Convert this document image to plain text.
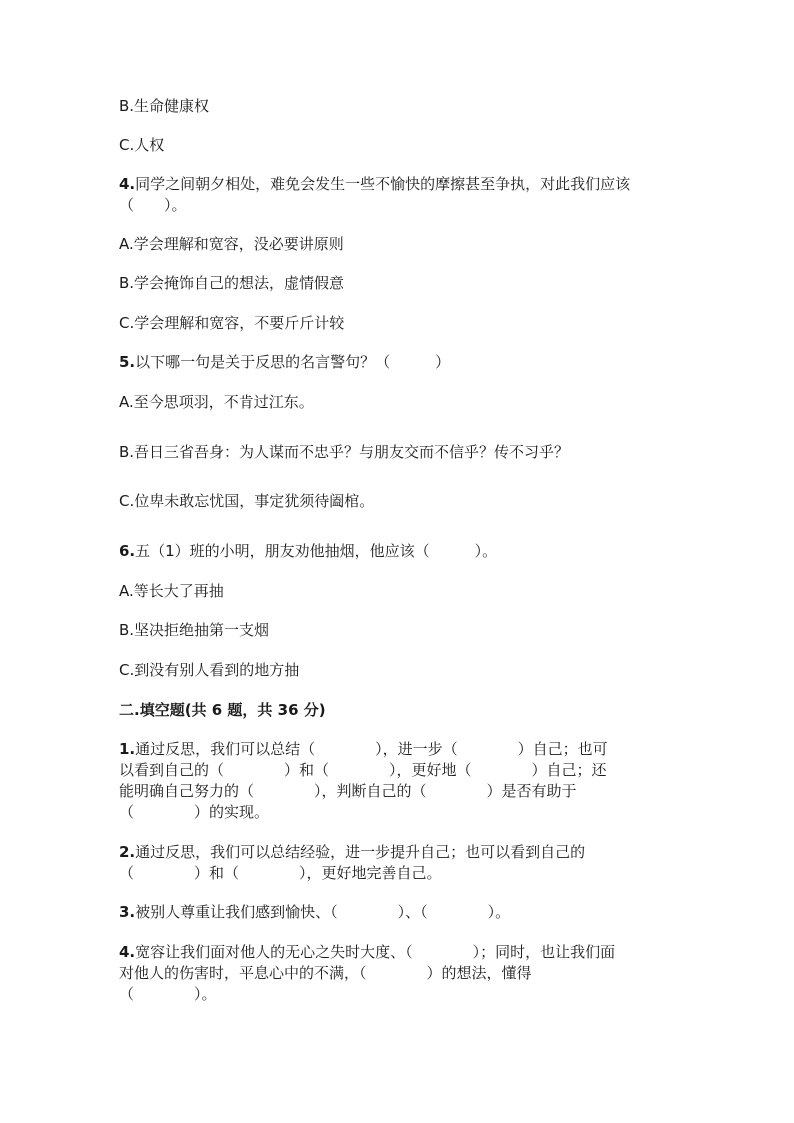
B.生命健康权
C.人权
4.同学之间朝夕相处，难免会发生一些不愉快的摩擦甚至争执，对此我们应该
（　　）。
A.学会理解和宽容，没必要讲原则
B.学会掩饰自己的想法，虚情假意
C.学会理解和宽容，不要斤斤计较
5.以下哪一句是关于反思的名言警句？（　　　）
A.至今思项羽，不肯过江东。
B.吾日三省吾身：为人谋而不忠乎？与朋友交而不信乎？传不习乎？
C.位卑未敢忘忧国，事定犹须待阖棺。
6.五（1）班的小明，朋友劝他抽烟，他应该（　　　）。
A.等长大了再抽
B.坚决拒绝抽第一支烟
C.到没有别人看到的地方抽
二.填空题(共 6 题，共 36 分)
1.通过反思，我们可以总结（　　　　），进一步（　　　　）自己；也可
以看到自己的（　　　　）和（　　　　），更好地（　　　　）自己；还
能明确自己努力的（　　　　），判断自己的（　　　　）是否有助于
（　　　　）的实现。
2.通过反思，我们可以总结经验，进一步提升自己；也可以看到自己的
（　　　　）和（　　　　），更好地完善自己。
3.被别人尊重让我们感到愉快、（　　　　）、（　　　　）。
4.宽容让我们面对他人的无心之失时大度、（　　　　）；同时，也让我们面
对他人的伤害时，平息心中的不满，（　　　　）的想法，懂得
（　　　　）。
